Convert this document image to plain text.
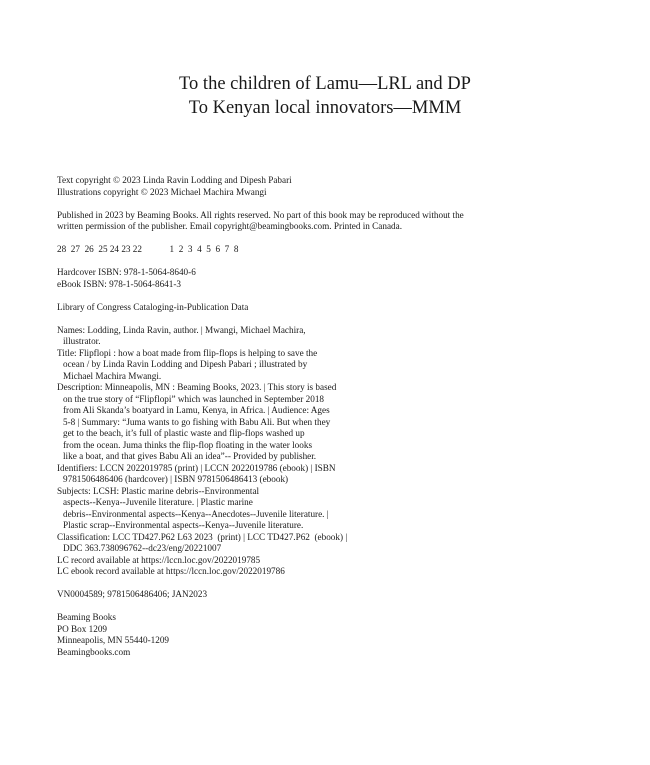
To the children of Lamu—LRL and DP
To Kenyan local innovators—MMM
Text copyright © 2023 Linda Ravin Lodding and Dipesh Pabari
Illustrations copyright © 2023 Michael Machira Mwangi
Published in 2023 by Beaming Books. All rights reserved. No part of this book may be reproduced without the
written permission of the publisher. Email copyright@beamingbooks.com. Printed in Canada.
28  27  26  25 24 23 22            1  2  3  4  5  6  7  8
Hardcover ISBN: 978-1-5064-8640-6
eBook ISBN: 978-1-5064-8641-3
Library of Congress Cataloging-in-Publication Data
Names: Lodding, Linda Ravin, author. | Mwangi, Michael Machira,
illustrator.
Title: Flipflopi : how a boat made from flip-flops is helping to save the
ocean / by Linda Ravin Lodding and Dipesh Pabari ; illustrated by
Michael Machira Mwangi.
Description: Minneapolis, MN : Beaming Books, 2023. | This story is based
on the true story of “Flipflopi” which was launched in September 2018
from Ali Skanda’s boatyard in Lamu, Kenya, in Africa. | Audience: Ages
5-8 | Summary: “Juma wants to go fishing with Babu Ali. But when they
get to the beach, it’s full of plastic waste and flip-flops washed up
from the ocean. Juma thinks the flip-flop floating in the water looks
like a boat, and that gives Babu Ali an idea”-- Provided by publisher.
Identifiers: LCCN 2022019785 (print) | LCCN 2022019786 (ebook) | ISBN
9781506486406 (hardcover) | ISBN 9781506486413 (ebook)
Subjects: LCSH: Plastic marine debris--Environmental
aspects--Kenya--Juvenile literature. | Plastic marine
debris--Environmental aspects--Kenya--Anecdotes--Juvenile literature. |
Plastic scrap--Environmental aspects--Kenya--Juvenile literature.
Classification: LCC TD427.P62 L63 2023  (print) | LCC TD427.P62  (ebook) |
DDC 363.738096762--dc23/eng/20221007
LC record available at https://lccn.loc.gov/2022019785
LC ebook record available at https://lccn.loc.gov/2022019786
VN0004589; 9781506486406; JAN2023
Beaming Books
PO Box 1209
Minneapolis, MN 55440-1209
Beamingbooks.com
